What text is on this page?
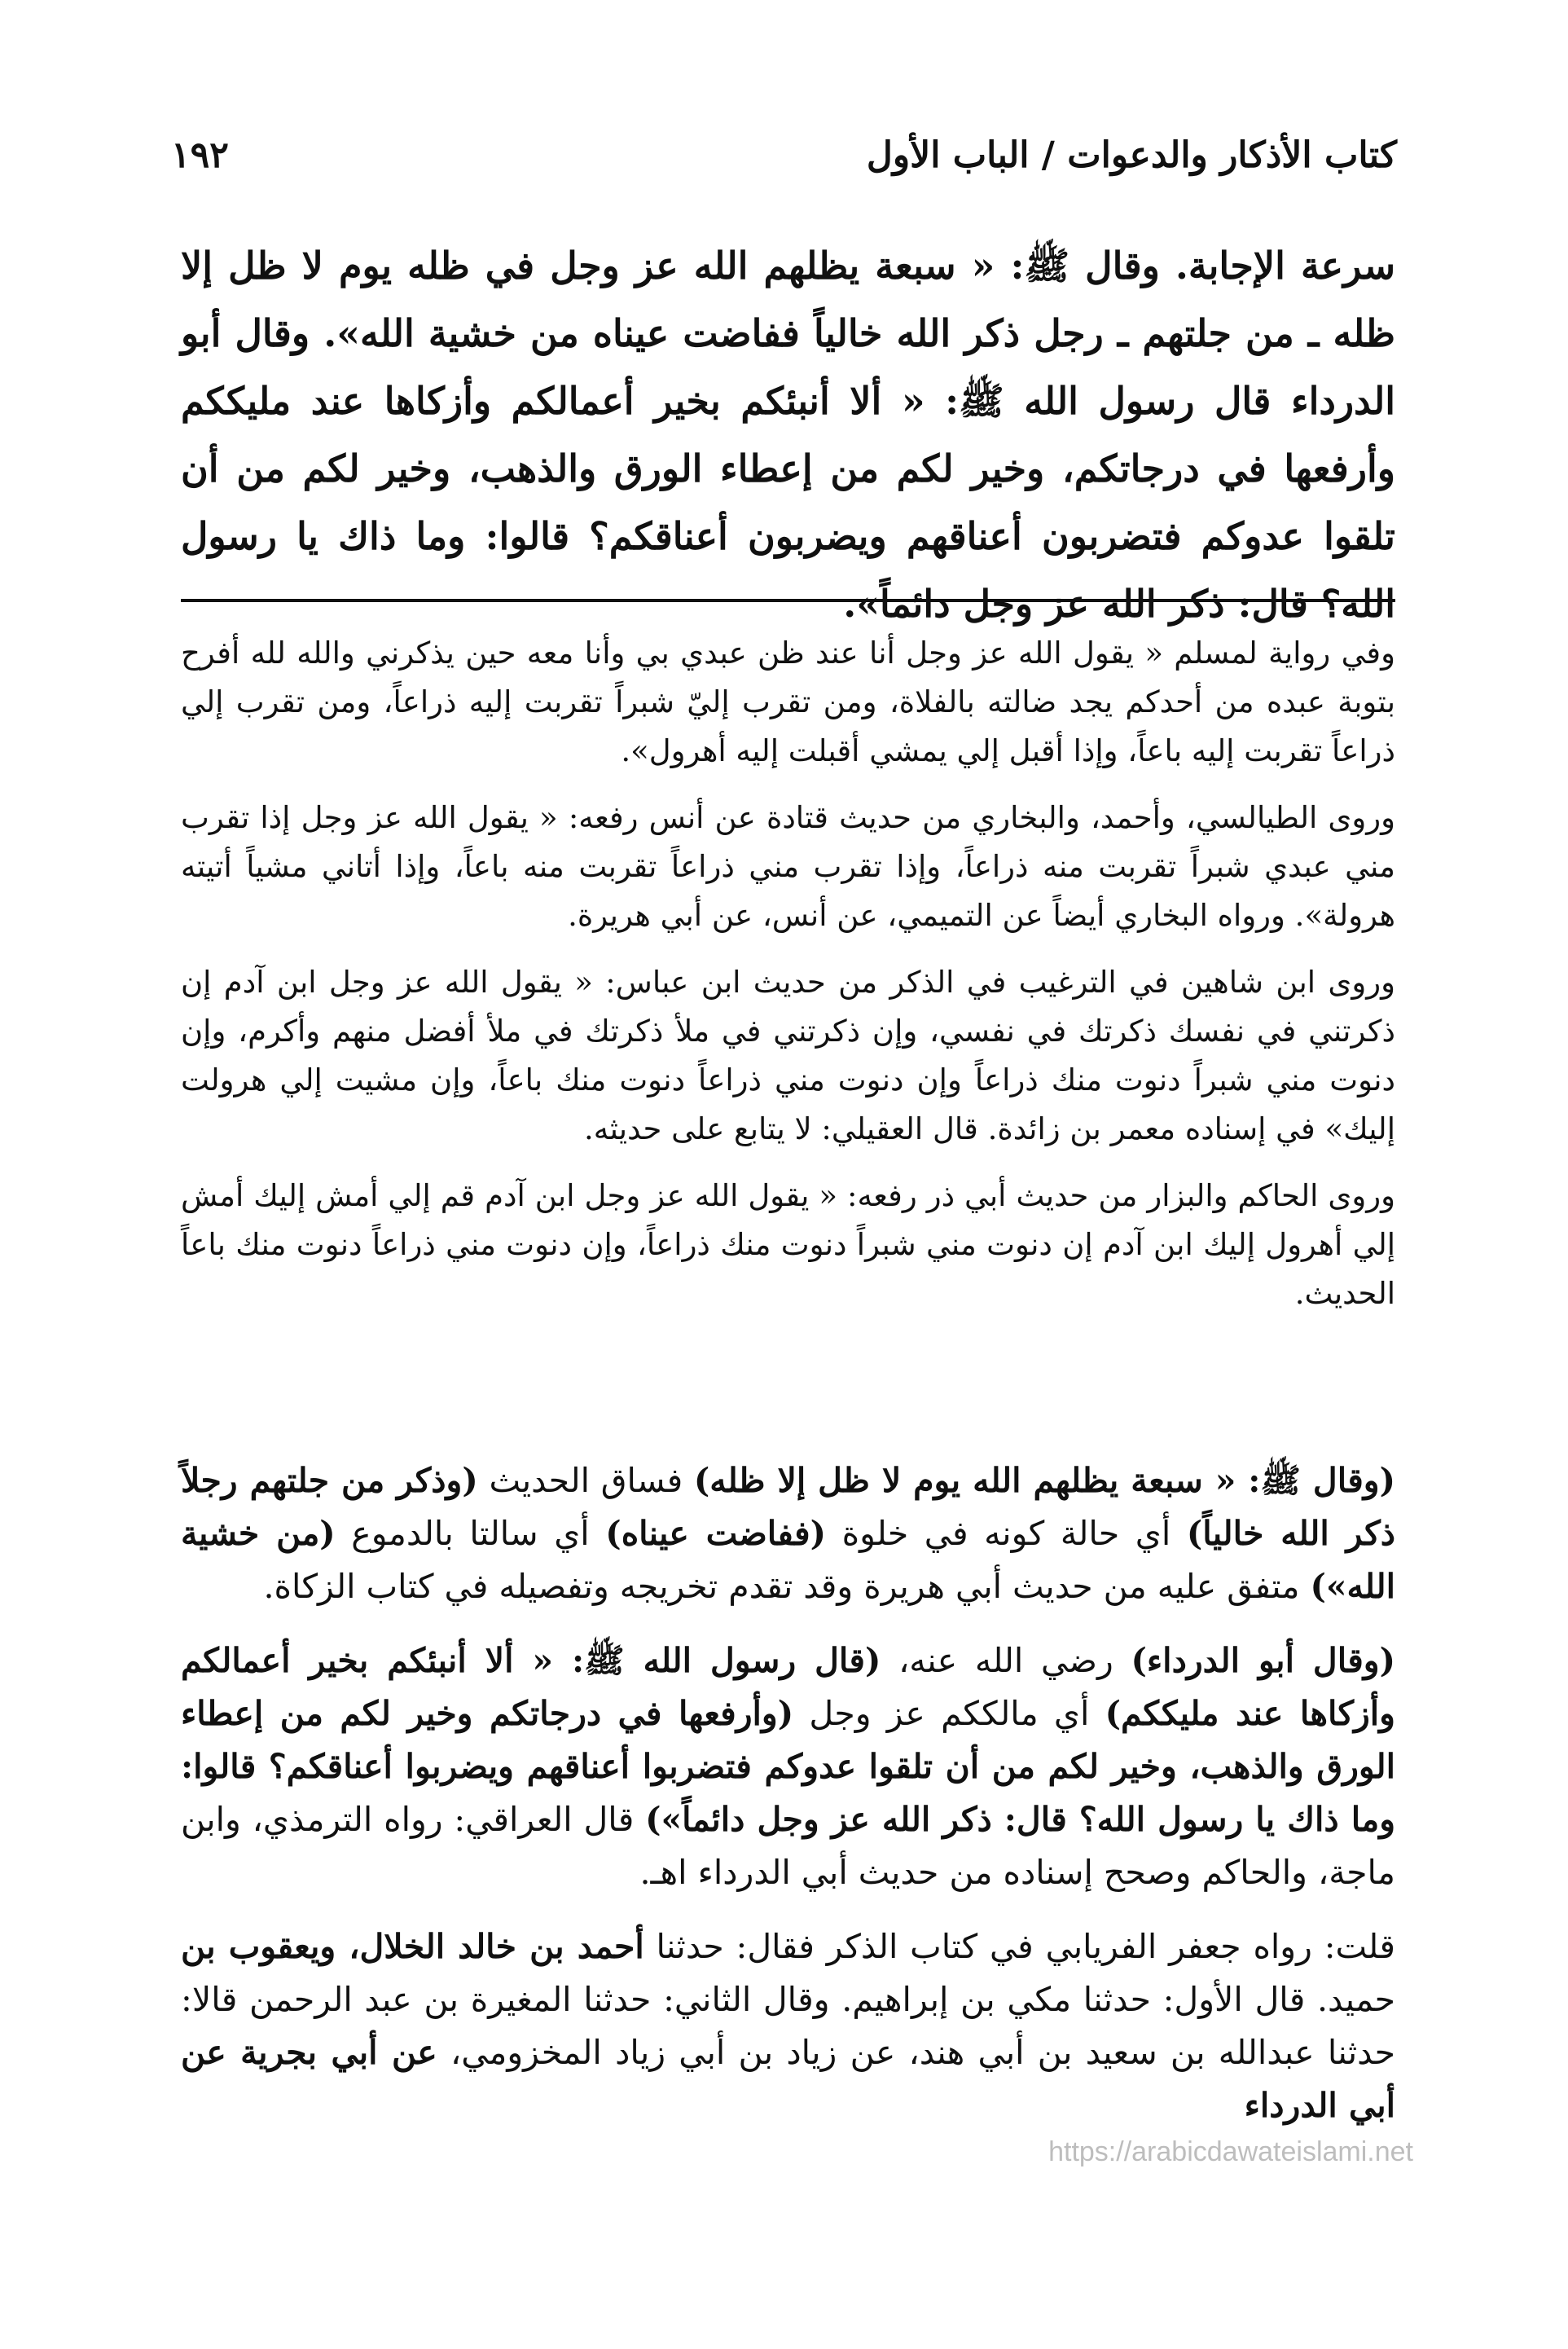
كتاب الأذكار والدعوات / الباب الأول
١٩٢

سرعة الإجابة. وقال ﷺ: « سبعة يظلهم الله عز وجل في ظله يوم لا ظل إلا ظله ـ من جلتهم ـ رجل ذكر الله خالياً ففاضت عيناه من خشية الله». وقال أبو الدرداء قال رسول الله ﷺ: « ألا أنبئكم بخير أعمالكم وأزكاها عند مليككم وأرفعها في درجاتكم، وخير لكم من إعطاء الورق والذهب، وخير لكم من أن تلقوا عدوكم فتضربون أعناقهم ويضربون أعناقكم؟ قالوا: وما ذاك يا رسول الله؟ قال: ذكر الله عز وجل دائماً».

وفي رواية لمسلم « يقول الله عز وجل أنا عند ظن عبدي بي وأنا معه حين يذكرني والله لله أفرح بتوبة عبده من أحدكم يجد ضالته بالفلاة، ومن تقرب إليّ شبراً تقربت إليه ذراعاً، ومن تقرب إلي ذراعاً تقربت إليه باعاً، وإذا أقبل إلي يمشي أقبلت إليه أهرول».

وروى الطيالسي، وأحمد، والبخاري من حديث قتادة عن أنس رفعه: « يقول الله عز وجل إذا تقرب مني عبدي شبراً تقربت منه ذراعاً، وإذا تقرب مني ذراعاً تقربت منه باعاً، وإذا أتاني مشياً أتيته هرولة». ورواه البخاري أيضاً عن التميمي، عن أنس، عن أبي هريرة.

وروى ابن شاهين في الترغيب في الذكر من حديث ابن عباس: « يقول الله عز وجل ابن آدم إن ذكرتني في نفسك ذكرتك في نفسي، وإن ذكرتني في ملأ ذكرتك في ملأ أفضل منهم وأكرم، وإن دنوت مني شبراً دنوت منك ذراعاً وإن دنوت مني ذراعاً دنوت منك باعاً، وإن مشيت إلي هرولت إليك» في إسناده معمر بن زائدة. قال العقيلي: لا يتابع على حديثه.

وروى الحاكم والبزار من حديث أبي ذر رفعه: « يقول الله عز وجل ابن آدم قم إلي أمش إليك أمش إلي أهرول إليك ابن آدم إن دنوت مني شبراً دنوت منك ذراعاً، وإن دنوت مني ذراعاً دنوت منك باعاً الحديث.

(وقال ﷺ: « سبعة يظلهم الله يوم لا ظل إلا ظله) فساق الحديث (وذكر من جلتهم رجلاً ذكر الله خالياً) أي حالة كونه في خلوة (ففاضت عيناه) أي سالتا بالدموع (من خشية الله») متفق عليه من حديث أبي هريرة وقد تقدم تخريجه وتفصيله في كتاب الزكاة.

(وقال أبو الدرداء) رضي الله عنه، (قال رسول الله ﷺ: « ألا أنبئكم بخير أعمالكم وأزكاها عند مليككم) أي مالككم عز وجل (وأرفعها في درجاتكم وخير لكم من إعطاء الورق والذهب، وخير لكم من أن تلقوا عدوكم فتضربوا أعناقهم ويضربوا أعناقكم؟ قالوا: وما ذاك يا رسول الله؟ قال: ذكر الله عز وجل دائماً») قال العراقي: رواه الترمذي، وابن ماجة، والحاكم وصحح إسناده من حديث أبي الدرداء اهـ.

قلت: رواه جعفر الفريابي في كتاب الذكر فقال: حدثنا أحمد بن خالد الخلال، ويعقوب بن حميد. قال الأول: حدثنا مكي بن إبراهيم. وقال الثاني: حدثنا المغيرة بن عبد الرحمن قالا: حدثنا عبدالله بن سعيد بن أبي هند، عن زياد بن أبي زياد المخزومي، عن أبي بجرية عن أبي الدرداء

https://arabicdawateislami.net
